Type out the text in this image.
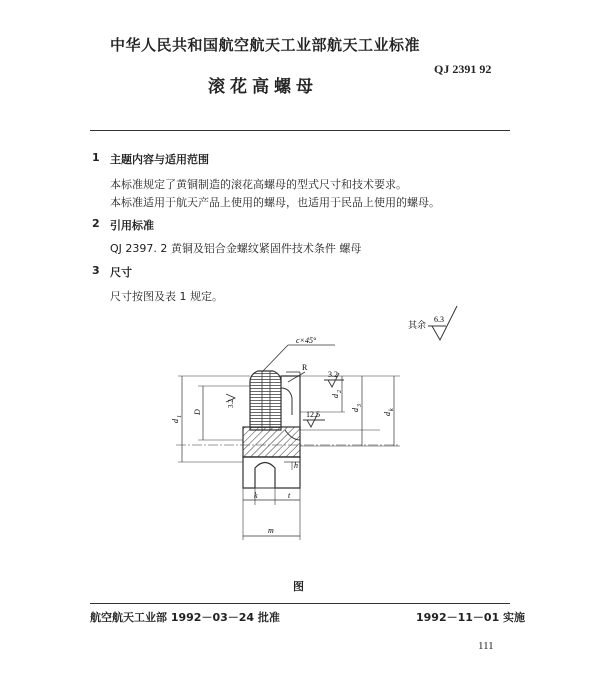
中华人民共和国航空航天工业部航天工业标准
QJ 2391 92
滚花高螺母
1 主题内容与适用范围
本标准规定了黄铜制造的滚花高螺母的型式尺寸和技术要求。
本标准适用于航天产品上使用的螺母，也适用于民品上使用的螺母。
2 引用标准
QJ 2397. 2 黄铜及铝合金螺纹紧固件技术条件 螺母
3 尺寸
尺寸按图及表 1 规定。
其余
6.3
c×45°
R
3.2
3.2
12.5
d
1
D
d
2
d
3
d
k
h
k	t
m
图
航空航天工业部 1992－03－24 批准	1992－11－01 实施
111
